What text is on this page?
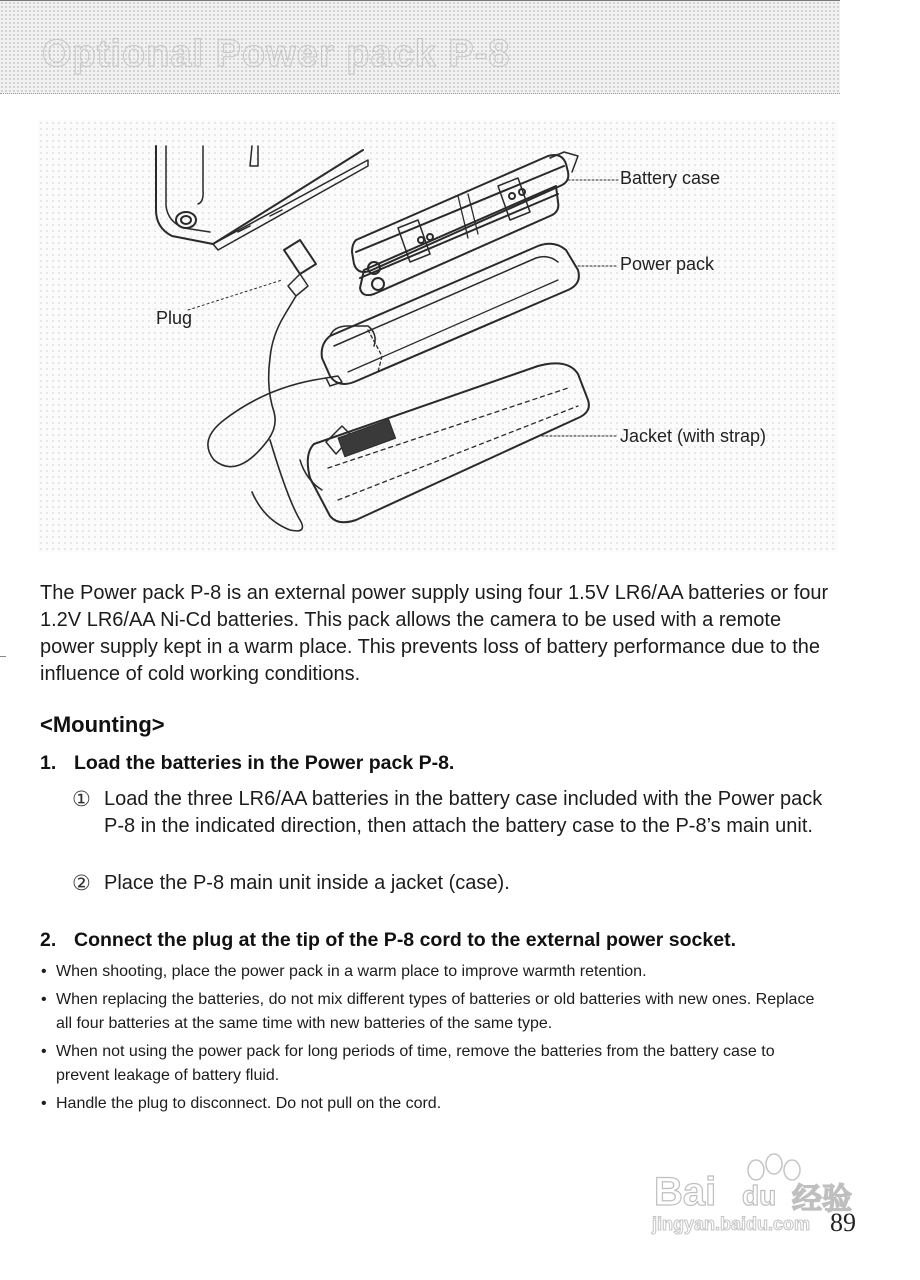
Optional Power pack P-8
Battery case
Power pack
Plug
Jacket (with strap)
The Power pack P-8 is an external power supply using four 1.5V LR6/AA batteries or four 1.2V LR6/AA Ni-Cd batteries. This pack allows the camera to be used with a remote power supply kept in a warm place. This prevents loss of battery performance due to the influence of cold working conditions.
<Mounting>
1. Load the batteries in the Power pack P-8.
① Load the three LR6/AA batteries in the battery case included with the Power pack P-8 in the indicated direction, then attach the battery case to the P-8’s main unit.
② Place the P-8 main unit inside a jacket (case).
2. Connect the plug at the tip of the P-8 cord to the external power socket.
• When shooting, place the power pack in a warm place to improve warmth retention.
• When replacing the batteries, do not mix different types of batteries or old batteries with new ones. Replace all four batteries at the same time with new batteries of the same type.
• When not using the power pack for long periods of time, remove the batteries from the battery case to prevent leakage of battery fluid.
• Handle the plug to disconnect. Do not pull on the cord.
Bai du 经验
jingyan.baidu.com 89
